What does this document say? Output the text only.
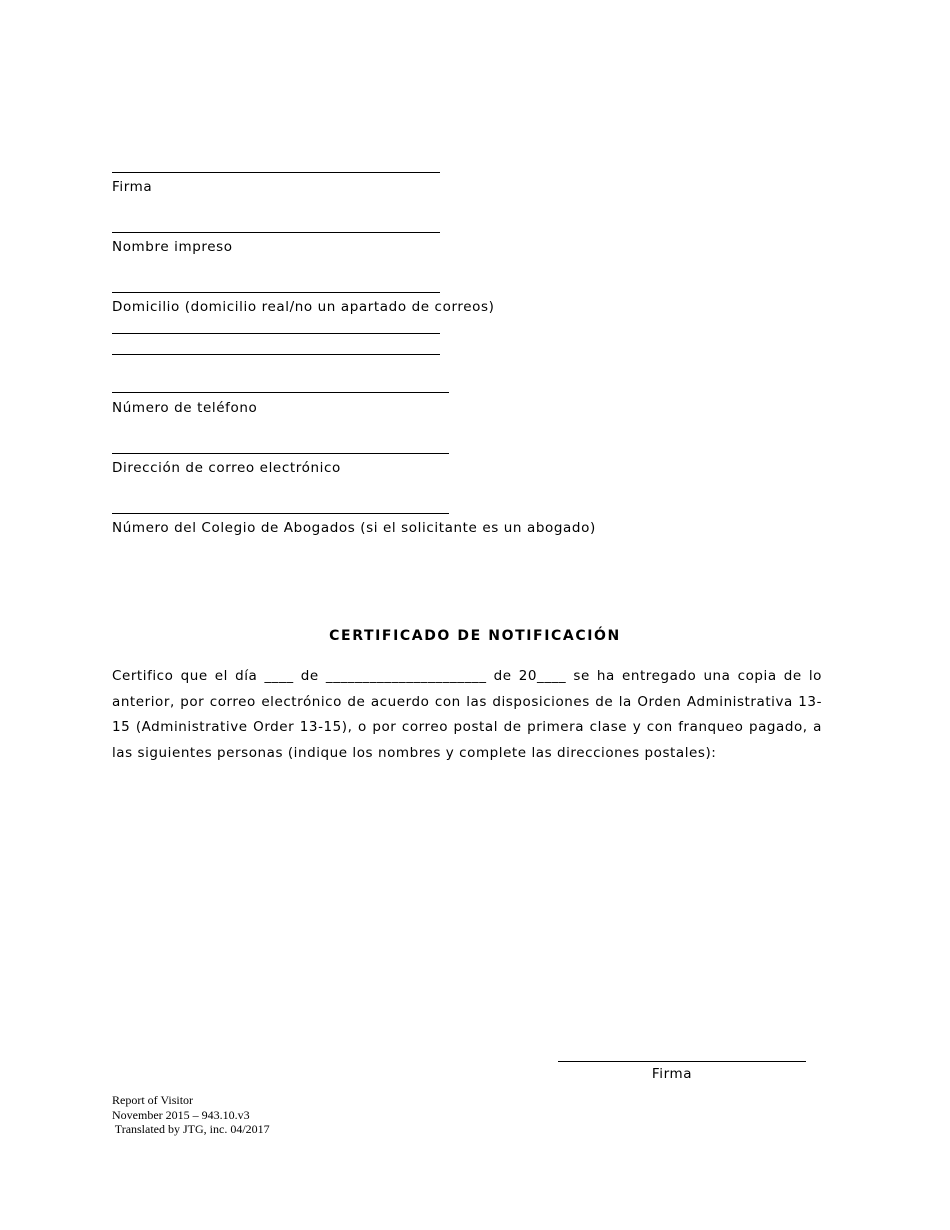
Firma
Nombre impreso
Domicilio (domicilio real/no un apartado de correos)
Número de teléfono
Dirección de correo electrónico
Número del Colegio de Abogados (si el solicitante es un abogado)
CERTIFICADO DE NOTIFICACIÓN
Certifico que el día ____ de ______________________ de 20____ se ha entregado una copia de lo anterior, por correo electrónico de acuerdo con las disposiciones de la Orden Administrativa 13-15 (Administrative Order 13-15), o por correo postal de primera clase y con franqueo pagado, a las siguientes personas (indique los nombres y complete las direcciones postales):
Firma
Report of Visitor
November 2015 – 943.10.v3
Translated by JTG, inc. 04/2017
